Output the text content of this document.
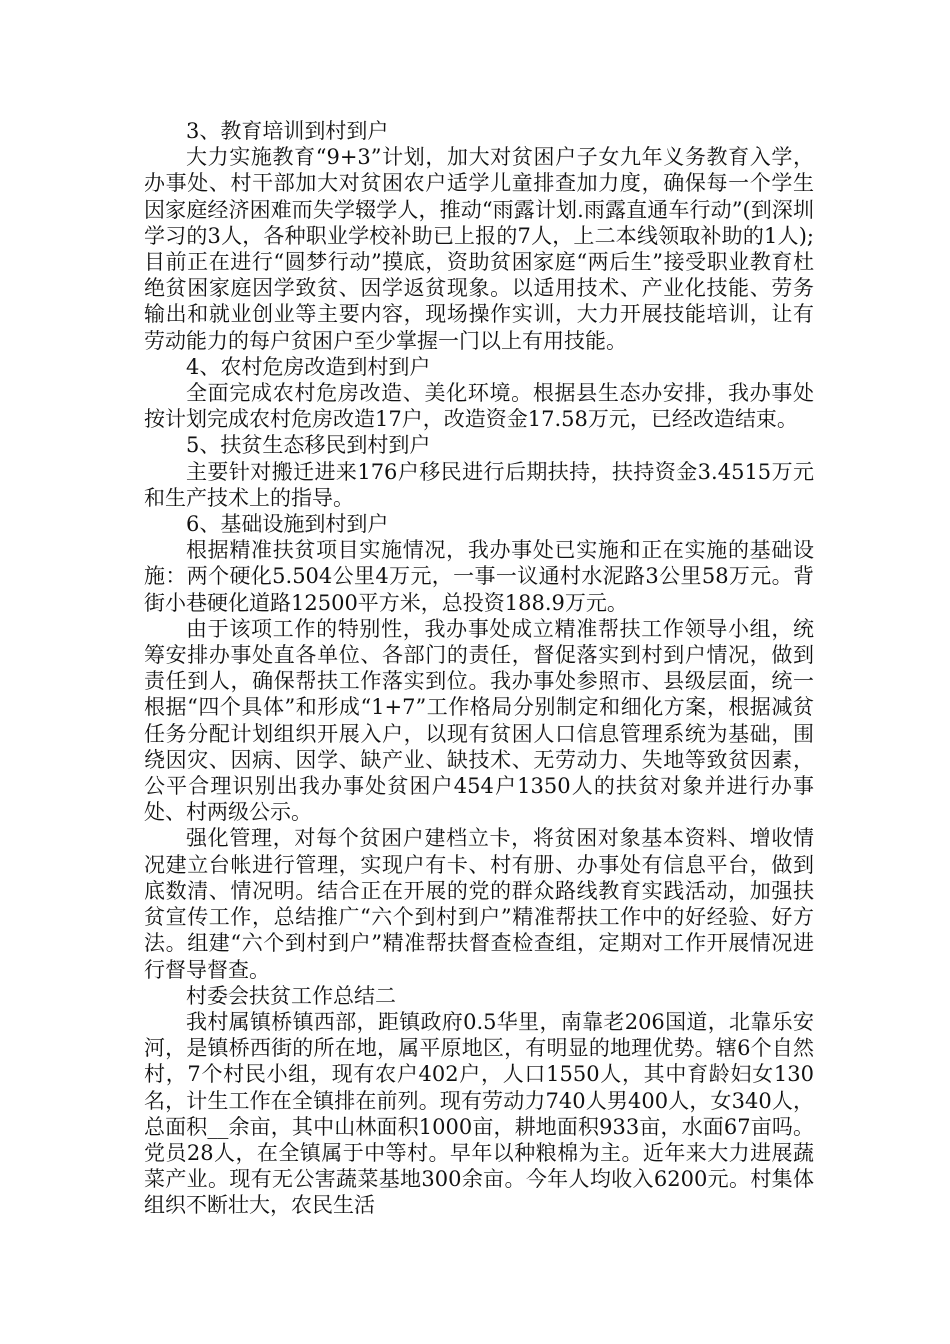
3、教育培训到村到户

大力实施教育“9+3”计划，加大对贫困户子女九年义务教育入学，办事处、村干部加大对贫困农户适学儿童排查加力度，确保每一个学生因家庭经济困难而失学辍学人，推动“雨露计划.雨露直通车行动”(到深圳学习的3人，各种职业学校补助已上报的7人，上二本线领取补助的1人);目前正在进行“圆梦行动”摸底，资助贫困家庭“两后生”接受职业教育杜绝贫困家庭因学致贫、因学返贫现象。以适用技术、产业化技能、劳务输出和就业创业等主要内容，现场操作实训，大力开展技能培训，让有劳动能力的每户贫困户至少掌握一门以上有用技能。

4、农村危房改造到村到户

全面完成农村危房改造、美化环境。根据县生态办安排，我办事处按计划完成农村危房改造17户，改造资金17.58万元，已经改造结束。

5、扶贫生态移民到村到户

主要针对搬迁进来176户移民进行后期扶持，扶持资金3.4515万元和生产技术上的指导。

6、基础设施到村到户

根据精准扶贫项目实施情况，我办事处已实施和正在实施的基础设施：两个硬化5.504公里4万元，一事一议通村水泥路3公里58万元。背街小巷硬化道路12500平方米，总投资188.9万元。

由于该项工作的特别性，我办事处成立精准帮扶工作领导小组，统筹安排办事处直各单位、各部门的责任，督促落实到村到户情况，做到责任到人，确保帮扶工作落实到位。我办事处参照市、县级层面，统一根据“四个具体”和形成“1+7”工作格局分别制定和细化方案，根据减贫任务分配计划组织开展入户，以现有贫困人口信息管理系统为基础，围绕因灾、因病、因学、缺产业、缺技术、无劳动力、失地等致贫因素，公平合理识别出我办事处贫困户454户1350人的扶贫对象并进行办事处、村两级公示。

强化管理，对每个贫困户建档立卡，将贫困对象基本资料、增收情况建立台帐进行管理，实现户有卡、村有册、办事处有信息平台，做到底数清、情况明。结合正在开展的党的群众路线教育实践活动，加强扶贫宣传工作，总结推广“六个到村到户”精准帮扶工作中的好经验、好方法。组建“六个到村到户”精准帮扶督查检查组，定期对工作开展情况进行督导督查。

村委会扶贫工作总结二

我村属镇桥镇西部，距镇政府0.5华里，南靠老206国道，北靠乐安河，是镇桥西街的所在地，属平原地区，有明显的地理优势。辖6个自然村，7个村民小组，现有农户402户，人口1550人，其中育龄妇女130名，计生工作在全镇排在前列。现有劳动力740人男400人，女340人，总面积__余亩，其中山林面积1000亩，耕地面积933亩，水面67亩吗。党员28人，在全镇属于中等村。早年以种粮棉为主。近年来大力进展蔬菜产业。现有无公害蔬菜基地300余亩。今年人均收入6200元。村集体组织不断壮大，农民生活
